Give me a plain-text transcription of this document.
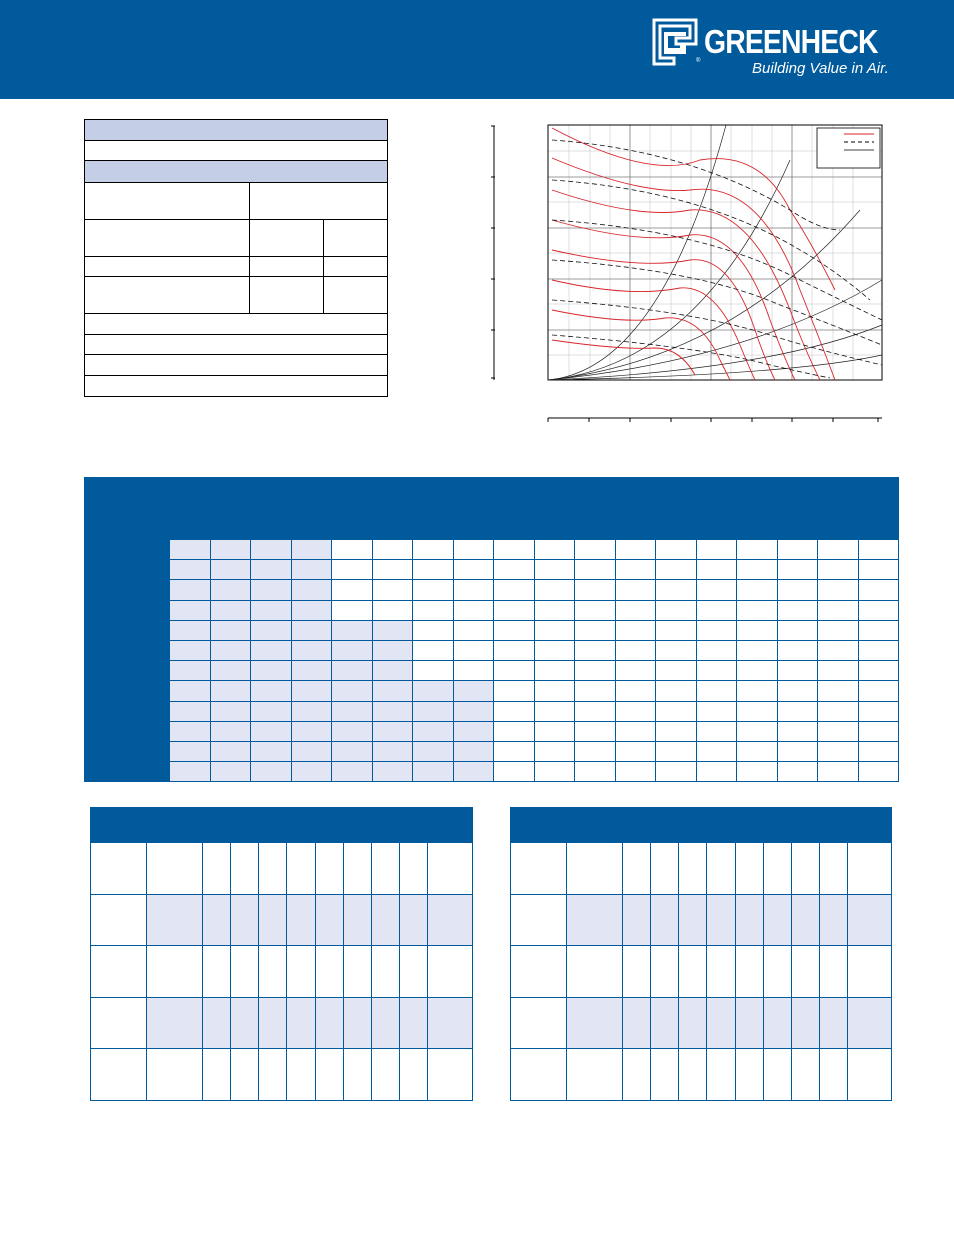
®
GREENHECK
Building Value in Air.
